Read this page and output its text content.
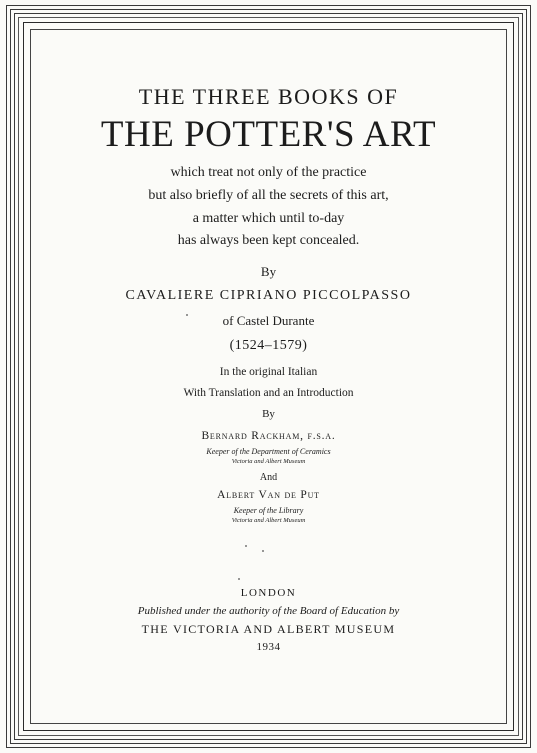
THE THREE BOOKS OF
THE POTTER'S ART
which treat not only of the practice
but also briefly of all the secrets of this art,
a matter which until to-day
has always been kept concealed.
By
CAVALIERE CIPRIANO PICCOLPASSO
of Castel Durante
(1524–1579)
In the original Italian
With Translation and an Introduction
By
Bernard Rackham, f.s.a.
Keeper of the Department of Ceramics
Victoria and Albert Museum
And
Albert Van de Put
Keeper of the Library
Victoria and Albert Museum
LONDON
Published under the authority of the Board of Education by
THE VICTORIA AND ALBERT MUSEUM
1934
